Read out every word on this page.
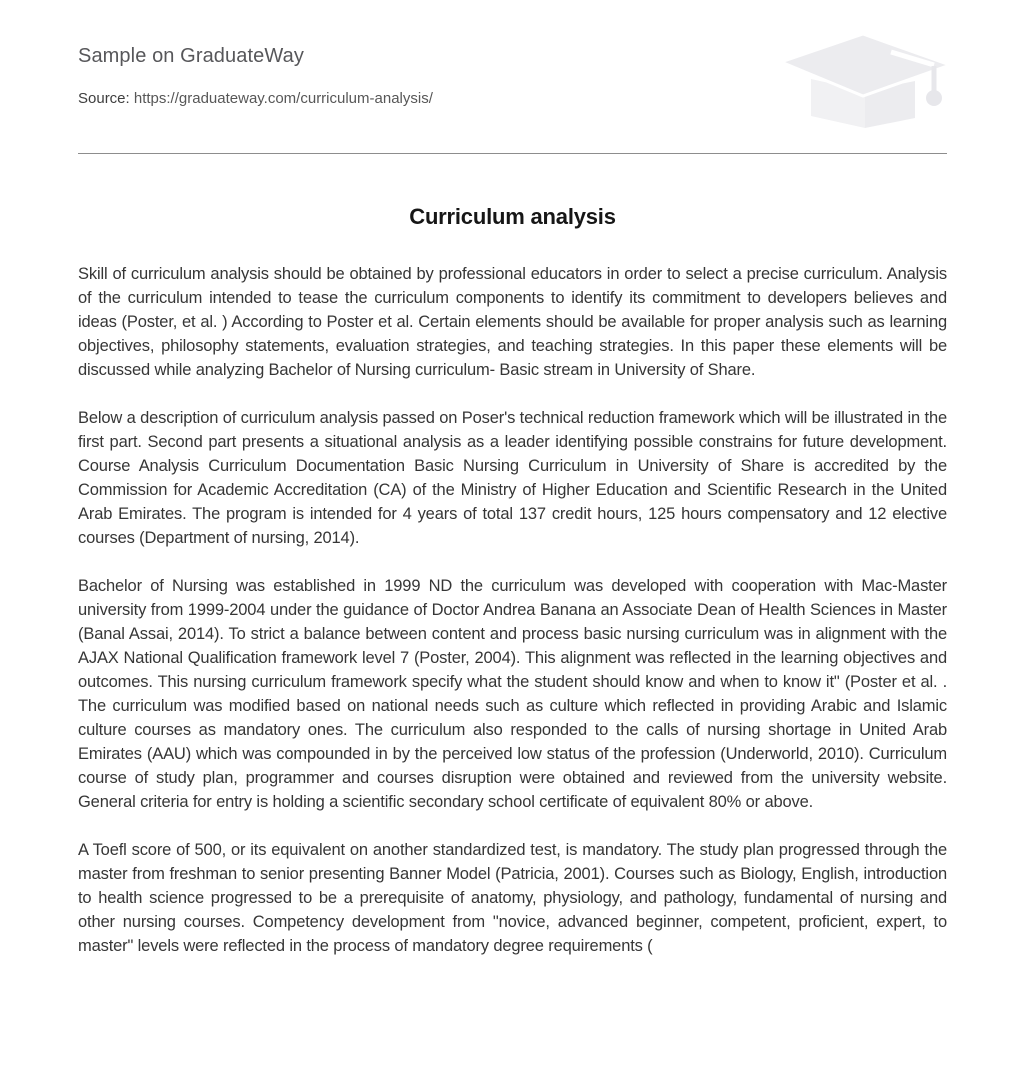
Sample on GraduateWay
Source: https://graduateway.com/curriculum-analysis/
Curriculum analysis

Skill of curriculum analysis should be obtained by professional educators in order to select a precise curriculum. Analysis of the curriculum intended to tease the curriculum components to identify its commitment to developers believes and ideas (Poster, et al. ) According to Poster et al. Certain elements should be available for proper analysis such as learning objectives, philosophy statements, evaluation strategies, and teaching strategies. In this paper these elements will be discussed while analyzing Bachelor of Nursing curriculum- Basic stream in University of Share.

Below a description of curriculum analysis passed on Poser's technical reduction framework which will be illustrated in the first part. Second part presents a situational analysis as a leader identifying possible constrains for future development. Course Analysis Curriculum Documentation Basic Nursing Curriculum in University of Share is accredited by the Commission for Academic Accreditation (CA) of the Ministry of Higher Education and Scientific Research in the United Arab Emirates. The program is intended for 4 years of total 137 credit hours, 125 hours compensatory and 12 elective courses (Department of nursing, 2014).

Bachelor of Nursing was established in 1999 ND the curriculum was developed with cooperation with Mac-Master university from 1999-2004 under the guidance of Doctor Andrea Banana an Associate Dean of Health Sciences in Master (Banal Assai, 2014). To strict a balance between content and process basic nursing curriculum was in alignment with the AJAX National Qualification framework level 7 (Poster, 2004). This alignment was reflected in the learning objectives and outcomes. This nursing curriculum framework specify what the student should know and when to know it" (Poster et al. . The curriculum was modified based on national needs such as culture which reflected in providing Arabic and Islamic culture courses as mandatory ones. The curriculum also responded to the calls of nursing shortage in United Arab Emirates (AAU) which was compounded in by the perceived low status of the profession (Underworld, 2010). Curriculum course of study plan, programmer and courses disruption were obtained and reviewed from the university website. General criteria for entry is holding a scientific secondary school certificate of equivalent 80% or above.

A Toefl score of 500, or its equivalent on another standardized test, is mandatory. The study plan progressed through the master from freshman to senior presenting Banner Model (Patricia, 2001). Courses such as Biology, English, introduction to health science progressed to be a prerequisite of anatomy, physiology, and pathology, fundamental of nursing and other nursing courses. Competency development from "novice, advanced beginner, competent, proficient, expert, to master" levels were reflected in the process of mandatory degree requirements (
